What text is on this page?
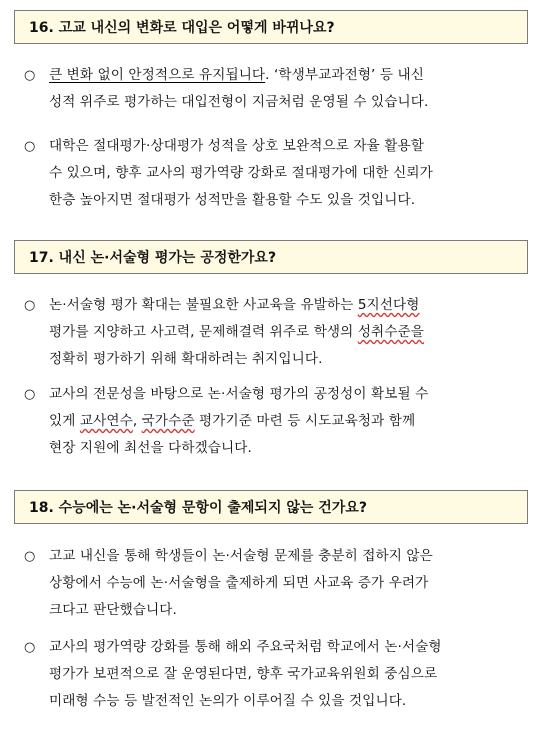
16. 고교 내신의 변화로 대입은 어떻게 바뀌나요?
○	큰 변화 없이 안정적으로 유지됩니다. ‘학생부교과전형’ 등 내신
성적 위주로 평가하는 대입전형이 지금처럼 운영될 수 있습니다.
○	대학은 절대평가·상대평가 성적을 상호 보완적으로 자율 활용할
수 있으며, 향후 교사의 평가역량 강화로 절대평가에 대한 신뢰가
한층 높아지면 절대평가 성적만을 활용할 수도 있을 것입니다.
17. 내신 논·서술형 평가는 공정한가요?
○	논·서술형 평가 확대는 불필요한 사교육을 유발하는 5지선다형
평가를 지양하고 사고력, 문제해결력 위주로 학생의 성취수준을
정확히 평가하기 위해 확대하려는 취지입니다.
○	교사의 전문성을 바탕으로 논·서술형 평가의 공정성이 확보될 수
있게 교사연수, 국가수준 평가기준 마련 등 시도교육청과 함께
현장 지원에 최선을 다하겠습니다.
18. 수능에는 논·서술형 문항이 출제되지 않는 건가요?
○	고교 내신을 통해 학생들이 논·서술형 문제를 충분히 접하지 않은
상황에서 수능에 논·서술형을 출제하게 되면 사교육 증가 우려가
크다고 판단했습니다.
○	교사의 평가역량 강화를 통해 해외 주요국처럼 학교에서 논·서술형
평가가 보편적으로 잘 운영된다면, 향후 국가교육위원회 중심으로
미래형 수능 등 발전적인 논의가 이루어질 수 있을 것입니다.
